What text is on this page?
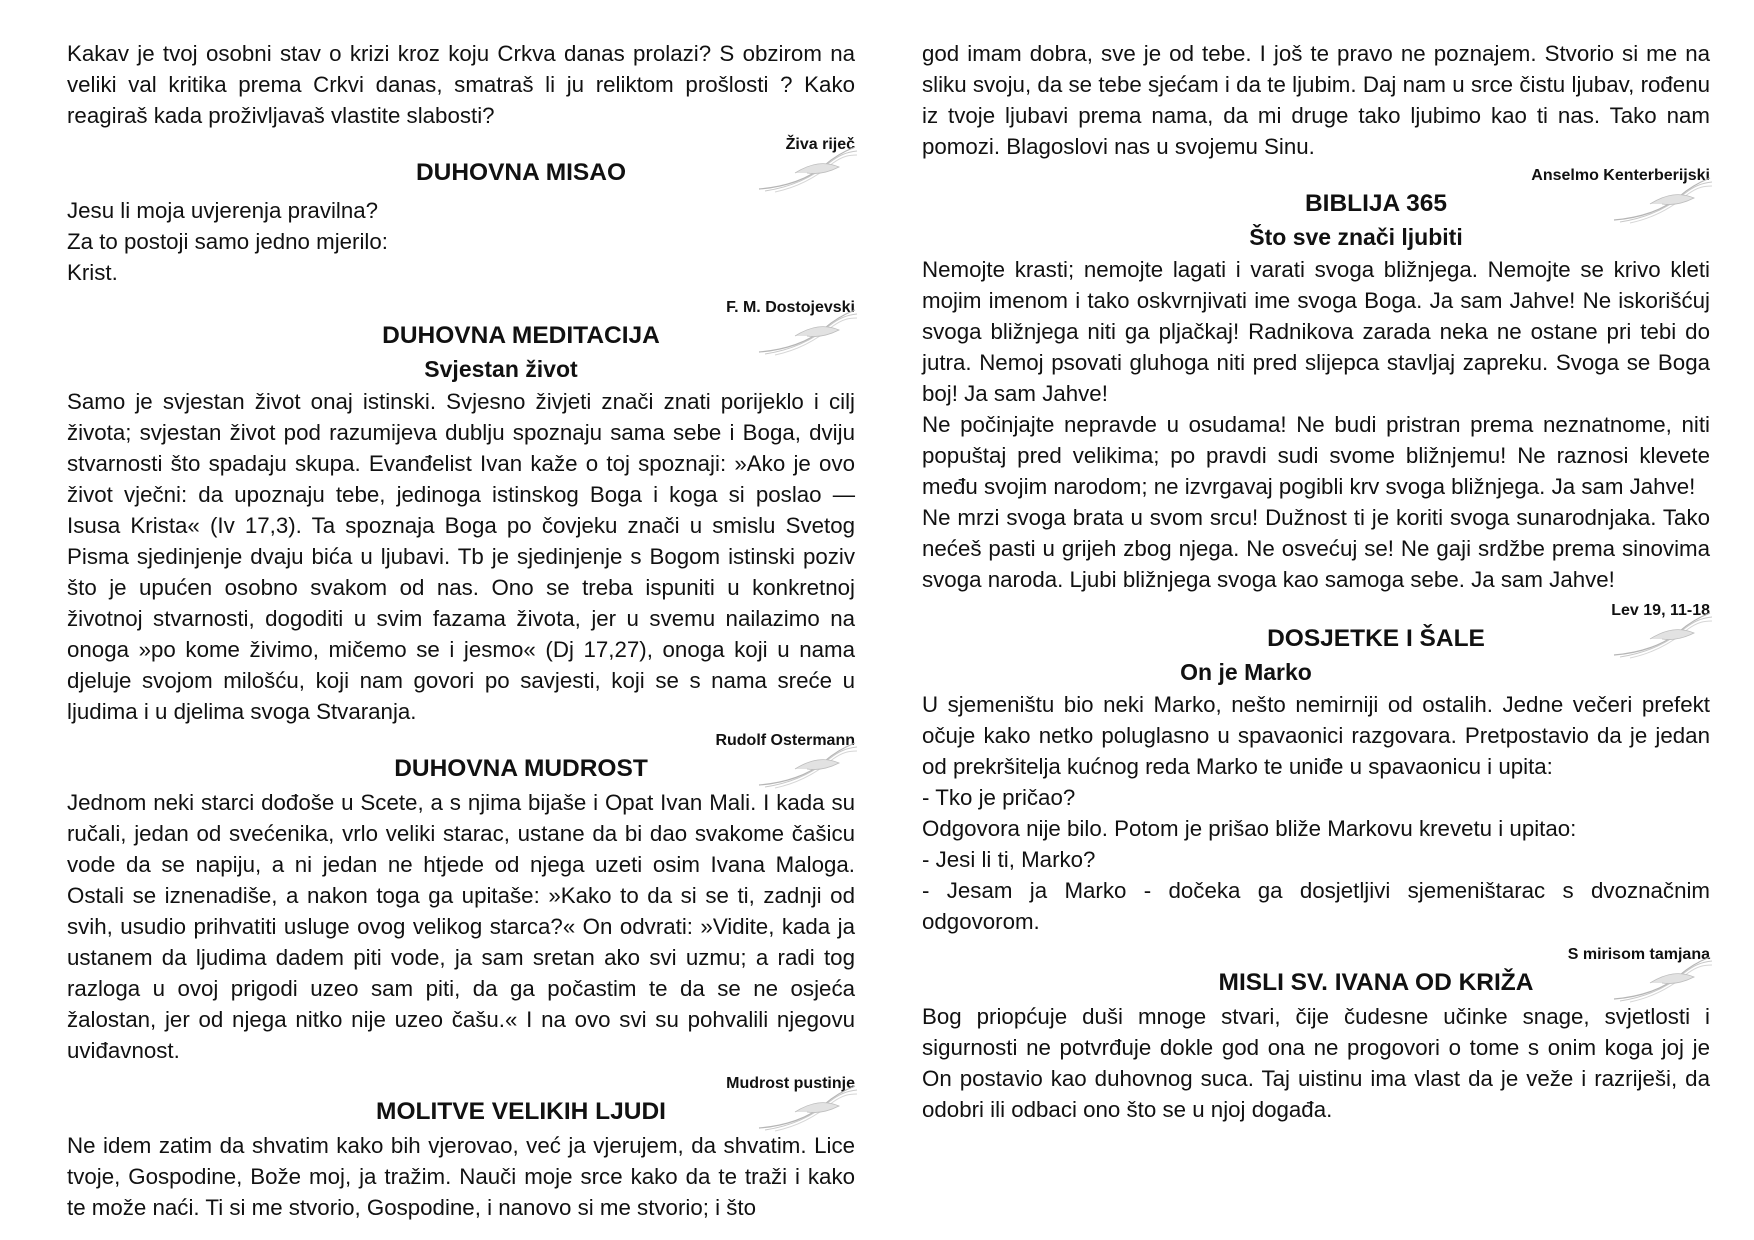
Kakav je tvoj osobni stav o krizi kroz koju Crkva danas prolazi? S obzirom na veliki val kritika prema Crkvi danas, smatraš li ju reliktom prošlosti ? Kako reagiraš kada proživljavaš vlastite slabosti?

Živa riječ
DUHOVNA MISAO

Jesu li moja uvjerenja pravilna?
Za to postoji samo jedno mjerilo:
Krist.

F. M. Dostojevski
DUHOVNA MEDITACIJA
Svjestan život

Samo je svjestan život onaj istinski. Svjesno živjeti znači znati porijeklo i cilj života; svjestan život pod razumijeva dublju spoznaju sama sebe i Boga, dviju stvarnosti što spadaju skupa. Evanđelist Ivan kaže o toj spoznaji: »Ako je ovo život vječni: da upoznaju tebe, jedinoga istinskog Boga i koga si poslao — Isusa Krista« (Iv 17,3). Ta spoznaja Boga po čovjeku znači u smislu Svetog Pisma sjedinjenje dvaju bića u ljubavi. Tb je sjedinjenje s Bogom istinski poziv što je upućen osobno svakom od nas. Ono se treba ispuniti u konkretnoj životnoj stvarnosti, dogoditi u svim fazama života, jer u svemu nailazimo na onoga »po kome živimo, mičemo se i jesmo« (Dj 17,27), onoga koji u nama djeluje svojom milošću, koji nam govori po savjesti, koji se s nama sreće u ljudima i u djelima svoga Stvaranja.

Rudolf Ostermann
DUHOVNA MUDROST

Jednom neki starci dođoše u Scete, a s njima bijaše i Opat Ivan Mali. I kada su ručali, jedan od svećenika, vrlo veliki starac, ustane da bi dao svakome čašicu vode da se napiju, a ni jedan ne htjede od njega uzeti osim Ivana Maloga. Ostali se iznenadiše, a nakon toga ga upitaše: »Kako to da si se ti, zadnji od svih, usudio prihvatiti usluge ovog velikog starca?« On odvrati: »Vidite, kada ja ustanem da ljudima dadem piti vode, ja sam sretan ako svi uzmu; a radi tog razloga u ovoj prigodi uzeo sam piti, da ga počastim te da se ne osjeća žalostan, jer od njega nitko nije uzeo čašu.« I na ovo svi su pohvalili njegovu uviđavnost.

Mudrost pustinje
MOLITVE VELIKIH LJUDI

Ne idem zatim da shvatim kako bih vjerovao, već ja vjerujem, da shvatim. Lice tvoje, Gospodine, Bože moj, ja tražim. Nauči moje srce kako da te traži i kako te može naći. Ti si me stvorio, Gospodine, i nanovo si me stvorio; i što

god imam dobra, sve je od tebe. I još te pravo ne poznajem. Stvorio si me na sliku svoju, da se tebe sjećam i da te ljubim. Daj nam u srce čistu ljubav, rođenu iz tvoje ljubavi prema nama, da mi druge tako ljubimo kao ti nas. Tako nam pomozi. Blagoslovi nas u svojemu Sinu.

Anselmo Kenterberijski
BIBLIJA 365
Što sve znači ljubiti

Nemojte krasti; nemojte lagati i varati svoga bližnjega. Nemojte se krivo kleti mojim imenom i tako oskvrnjivati ime svoga Boga. Ja sam Jahve! Ne iskorišćuj svoga bližnjega niti ga pljačkaj! Radnikova zarada neka ne ostane pri tebi do jutra. Nemoj psovati gluhoga niti pred slijepca stavljaj zapreku. Svoga se Boga boj! Ja sam Jahve!

Ne počinjajte nepravde u osudama! Ne budi pristran prema neznatnome, niti popuštaj pred velikima; po pravdi sudi svome bližnjemu! Ne raznosi klevete među svojim narodom; ne izvrgavaj pogibli krv svoga bližnjega. Ja sam Jahve!

Ne mrzi svoga brata u svom srcu! Dužnost ti je koriti svoga sunarodnjaka. Tako nećeš pasti u grijeh zbog njega. Ne osvećuj se! Ne gaji srdžbe prema sinovima svoga naroda. Ljubi bližnjega svoga kao samoga sebe. Ja sam Jahve!

Lev 19, 11-18
DOSJETKE I ŠALE
On je Marko

U sjemeništu bio neki Marko, nešto nemirniji od ostalih. Jedne večeri prefekt očuje kako netko poluglasno u spavaonici razgovara. Pretpostavio da je jedan od prekršitelja kućnog reda Marko te uniđe u spavaonicu i upita:

- Tko je pričao?

Odgovora nije bilo. Potom je prišao bliže Markovu krevetu i upitao:

- Jesi li ti, Marko?

- Jesam ja Marko - dočeka ga dosjetljivi sjemeništarac s dvoznačnim odgovorom.

S mirisom tamjana
MISLI SV. IVANA OD KRIŽA

Bog priopćuje duši mnoge stvari, čije čudesne učinke snage, svjetlosti i sigurnosti ne potvrđuje dokle god ona ne progovori o tome s onim koga joj je On postavio kao duhovnog suca. Taj uistinu ima vlast da je veže i razriješi, da odobri ili odbaci ono što se u njoj događa.
